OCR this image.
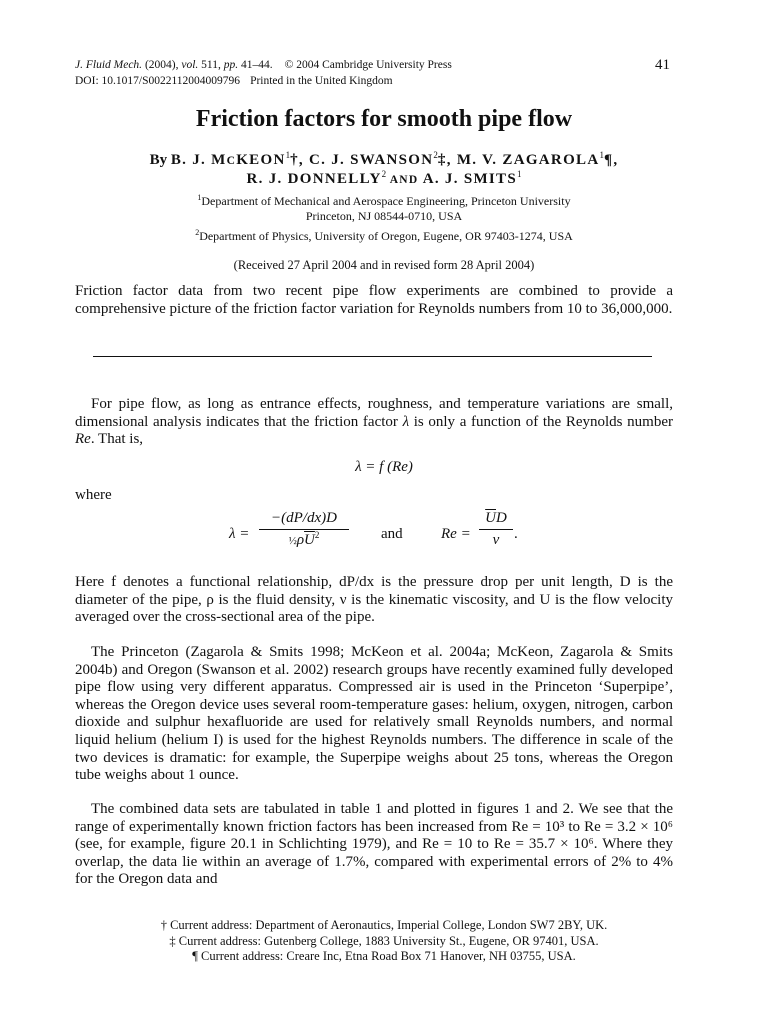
J. Fluid Mech. (2004), vol. 511, pp. 41–44. © 2004 Cambridge University Press
DOI: 10.1017/S0022112004009796 Printed in the United Kingdom
41
Friction factors for smooth pipe flow
By B. J. MCKEON$^1$†, C. J. SWANSON$^2$‡, M. V. ZAGAROLA$^1$¶,
R. J. DONNELLY$^2$ AND A. J. SMITS$^1$
$^1$Department of Mechanical and Aerospace Engineering, Princeton University
Princeton, NJ 08544-0710, USA
$^2$Department of Physics, University of Oregon, Eugene, OR 97403-1274, USA
(Received 27 April 2004 and in revised form 28 April 2004)
Friction factor data from two recent pipe flow experiments are combined to provide a comprehensive picture of the friction factor variation for Reynolds numbers from 10 to 36,000,000.
For pipe flow, as long as entrance effects, roughness, and temperature variations are small, dimensional analysis indicates that the friction factor λ is only a function of the Reynolds number Re. That is,
λ = f (Re)
where
$\lambda = \frac{-(dP/dx)D}{\frac{1}{2}\rho\overline{U}^2}$ and	$Re = \frac{\overline{U}D}{\nu}$ .
Here f denotes a functional relationship, dP/dx is the pressure drop per unit length, D is the diameter of the pipe, ρ is the fluid density, ν is the kinematic viscosity, and U is the flow velocity averaged over the cross-sectional area of the pipe.
The Princeton (Zagarola & Smits 1998; McKeon et al. 2004a; McKeon, Zagarola & Smits 2004b) and Oregon (Swanson et al. 2002) research groups have recently examined fully developed pipe flow using very different apparatus. Compressed air is used in the Princeton ‘Superpipe’, whereas the Oregon device uses several room-temperature gases: helium, oxygen, nitrogen, carbon dioxide and sulphur hexafluoride are used for relatively small Reynolds numbers, and normal liquid helium (helium I) is used for the highest Reynolds numbers. The difference in scale of the two devices is dramatic: for example, the Superpipe weighs about 25 tons, whereas the Oregon tube weighs about 1 ounce.
The combined data sets are tabulated in table 1 and plotted in figures 1 and 2. We see that the range of experimentally known friction factors has been increased from Re = 10³ to Re = 3.2 × 10⁶ (see, for example, figure 20.1 in Schlichting 1979), and Re = 10 to Re = 35.7 × 10⁶. Where they overlap, the data lie within an average of 1.7%, compared with experimental errors of 2% to 4% for the Oregon data and
† Current address: Department of Aeronautics, Imperial College, London SW7 2BY, UK.
‡ Current address: Gutenberg College, 1883 University St., Eugene, OR 97401, USA.
¶ Current address: Creare Inc, Etna Road Box 71 Hanover, NH 03755, USA.
